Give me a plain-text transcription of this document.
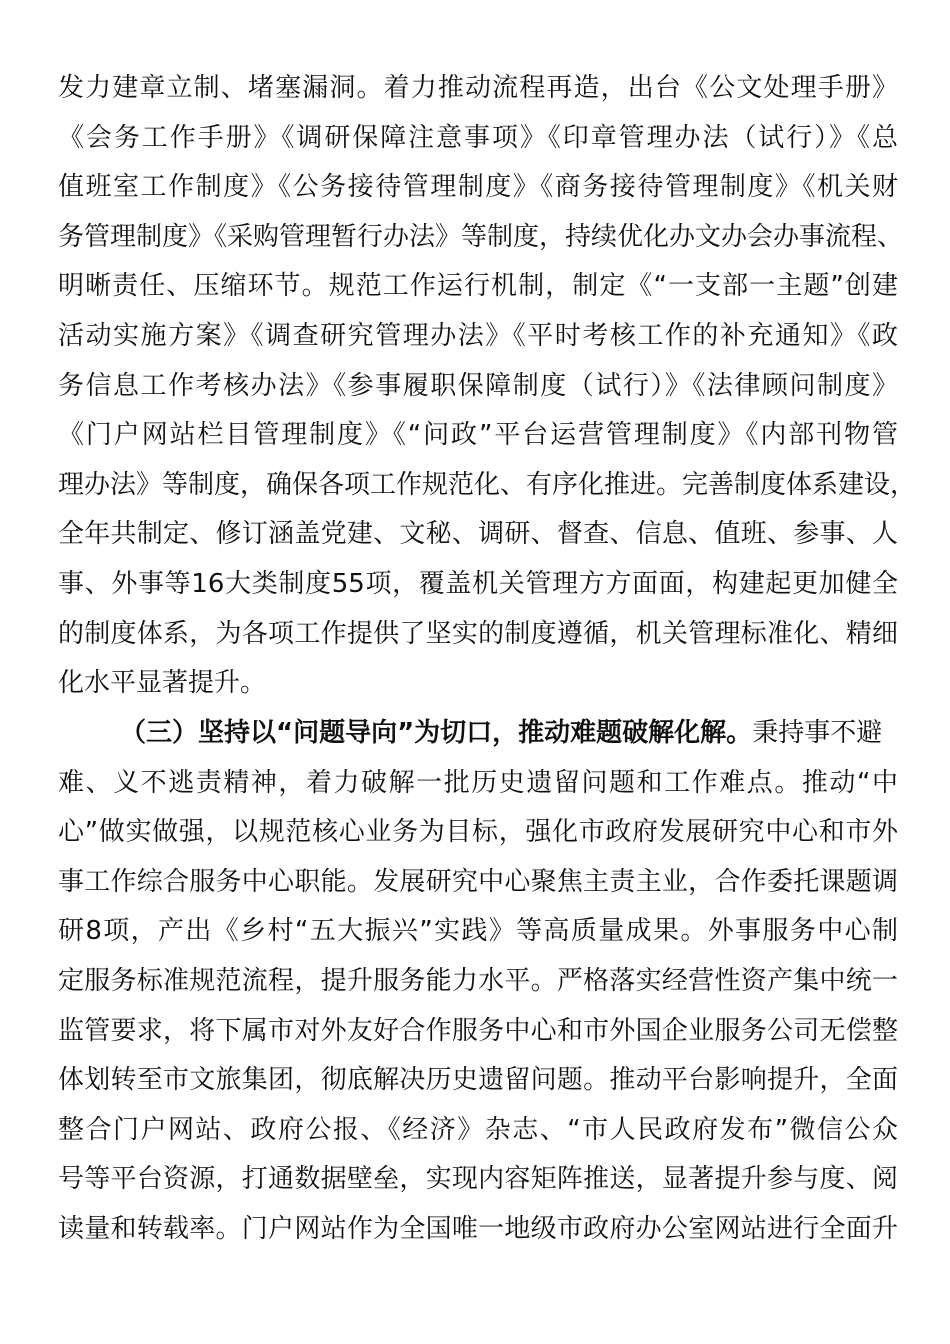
发力建章立制、堵塞漏洞。着力推动流程再造，出台《公文处理手册》
《会务工作手册》《调研保障注意事项》《印章管理办法（试行）》《总
值班室工作制度》《公务接待管理制度》《商务接待管理制度》《机关财
务管理制度》《采购管理暂行办法》等制度，持续优化办文办会办事流程、
明晰责任、压缩环节。规范工作运行机制，制定《“一支部一主题”创建
活动实施方案》《调查研究管理办法》《平时考核工作的补充通知》《政
务信息工作考核办法》《参事履职保障制度（试行）》《法律顾问制度》
《门户网站栏目管理制度》《“问政”平台运营管理制度》《内部刊物管
理办法》等制度，确保各项工作规范化、有序化推进。完善制度体系建设，
全年共制定、修订涵盖党建、文秘、调研、督查、信息、值班、参事、人
事、外事等16大类制度55项，覆盖机关管理方方面面，构建起更加健全
的制度体系，为各项工作提供了坚实的制度遵循，机关管理标准化、精细
化水平显著提升。
（三）坚持以“问题导向”为切口，推动难题破解化解。秉持事不避
难、义不逃责精神，着力破解一批历史遗留问题和工作难点。推动“中
心”做实做强，以规范核心业务为目标，强化市政府发展研究中心和市外
事工作综合服务中心职能。发展研究中心聚焦主责主业，合作委托课题调
研8项，产出《乡村“五大振兴”实践》等高质量成果。外事服务中心制
定服务标准规范流程，提升服务能力水平。严格落实经营性资产集中统一
监管要求，将下属市对外友好合作服务中心和市外国企业服务公司无偿整
体划转至市文旅集团，彻底解决历史遗留问题。推动平台影响提升，全面
整合门户网站、政府公报、《经济》杂志、“市人民政府发布”微信公众
号等平台资源，打通数据壁垒，实现内容矩阵推送，显著提升参与度、阅
读量和转载率。门户网站作为全国唯一地级市政府办公室网站进行全面升
